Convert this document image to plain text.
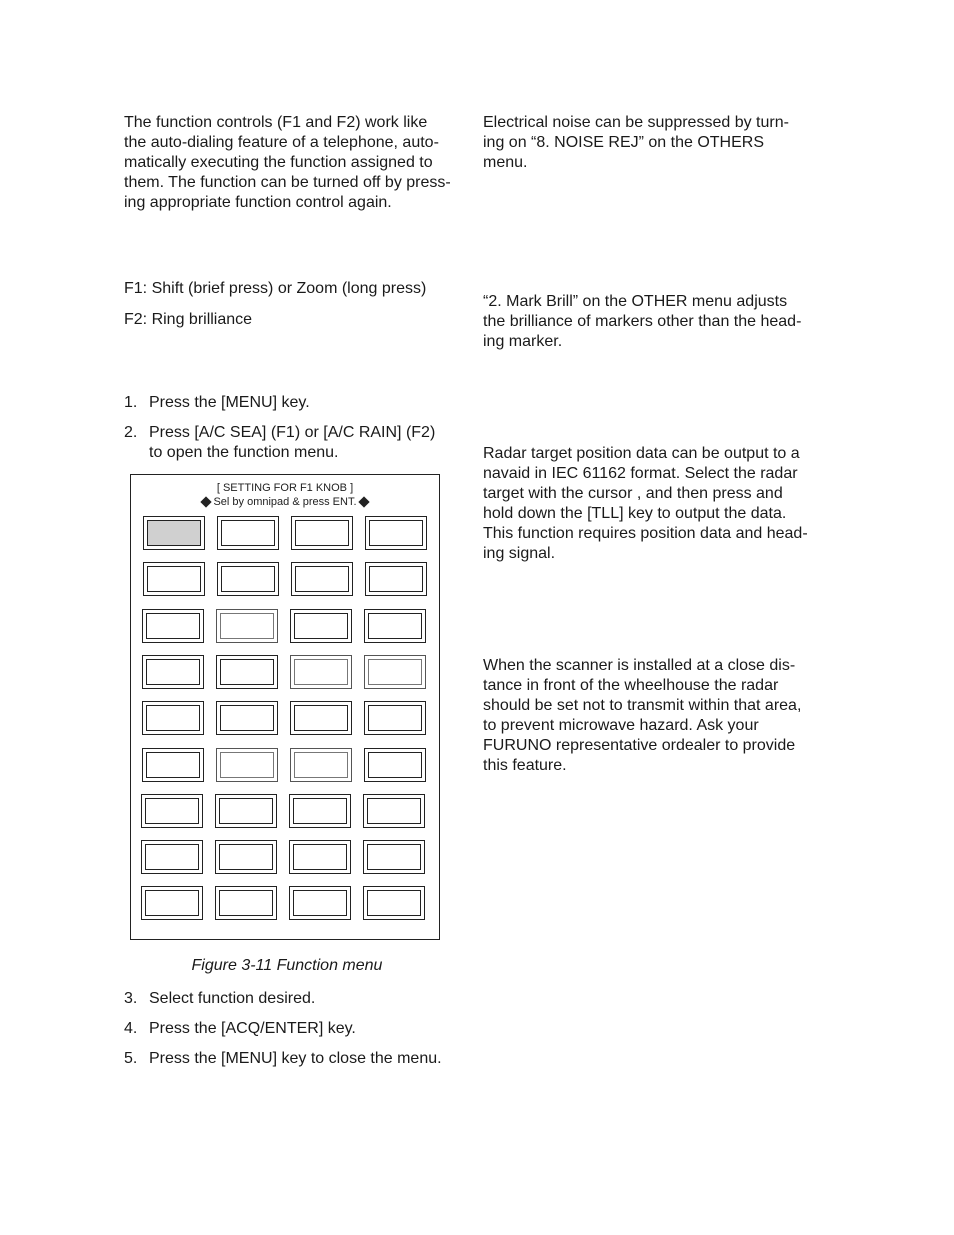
The function controls (F1 and F2) work like
the auto-dialing feature of a telephone, auto-
matically executing the function assigned to
them. The function can be turned off by press-
ing appropriate function control again.

F1: Shift (brief press) or Zoom (long press)

F2: Ring brilliance

1. Press the [MENU] key.
2. Press [A/C SEA] (F1) or [A/C RAIN] (F2)
to open the function menu.
[ SETTING FOR F1 KNOB ]
Sel by omnipad & press ENT.
Figure 3-11 Function menu
3. Select function desired.
4. Press the [ACQ/ENTER] key.
5. Press the [MENU] key to close the menu.

Electrical noise can be suppressed by turn-
ing on “8. NOISE REJ” on the OTHERS
menu.

“2. Mark Brill” on the OTHER menu adjusts
the brilliance of markers other than the head-
ing marker.

Radar target position data can be output to a
navaid in IEC 61162 format. Select the radar
target with the cursor , and then press and
hold down the [TLL] key to output the data.
This function requires position data and head-
ing signal.

When the scanner is installed at a close dis-
tance in front of the wheelhouse the radar
should be set not to transmit within that area,
to prevent microwave hazard. Ask your
FURUNO representative ordealer to provide
this feature.
